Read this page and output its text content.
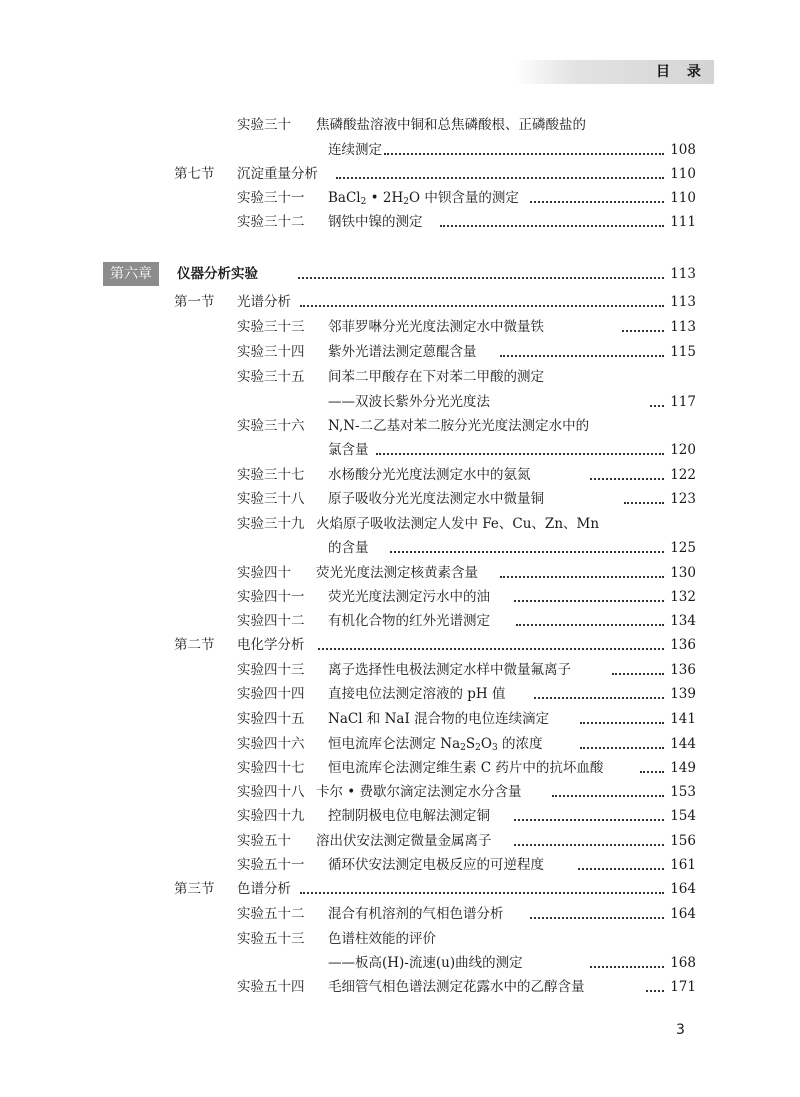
目 录
实验三十 焦磷酸盐溶液中铜和总焦磷酸根、正磷酸盐的
连续测定	108
第七节 沉淀重量分析	110
实验三十一 BaCl$_2$ • $2H_2O$ 中钡含量的测定	110
实验三十二 钢铁中镍的测定	111
第六章	仪器分析实验	113
第一节 光谱分析	113
实验三十三 邻菲罗啉分光光度法测定水中微量铁	113
实验三十四 紫外光谱法测定蒽醌含量	115
实验三十五 间苯二甲酸存在下对苯二甲酸的测定
——双波长紫外分光光度法	117
实验三十六 N,N-二乙基对苯二胺分光光度法测定水中的
氯含量	120
实验三十七 水杨酸分光光度法测定水中的氨氮	122
实验三十八 原子吸收分光光度法测定水中微量铜	123
实验三十九 火焰原子吸收法测定人发中 Fe、Cu、Zn、Mn
的含量	125
实验四十 荧光光度法测定核黄素含量	130
实验四十一 荧光光度法测定污水中的油	132
实验四十二 有机化合物的红外光谱测定	134
第二节 电化学分析	136
实验四十三 离子选择性电极法测定水样中微量氟离子	136
实验四十四 直接电位法测定溶液的 pH 值	139
实验四十五 NaCl 和 NaI 混合物的电位连续滴定	141
实验四十六 恒电流库仑法测定 $Na_2S_2O_3$ 的浓度	144
实验四十七 恒电流库仑法测定维生素 C 药片中的抗坏血酸	149
实验四十八 卡尔 • 费歇尔滴定法测定水分含量	153
实验四十九 控制阴极电位电解法测定铜	154
实验五十 溶出伏安法测定微量金属离子	156
实验五十一 循环伏安法测定电极反应的可逆程度	161
第三节 色谱分析	164
实验五十二 混合有机溶剂的气相色谱分析	164
实验五十三 色谱柱效能的评价
——板高(H)-流速(u)曲线的测定	168
实验五十四 毛细管气相色谱法测定花露水中的乙醇含量	171
3
